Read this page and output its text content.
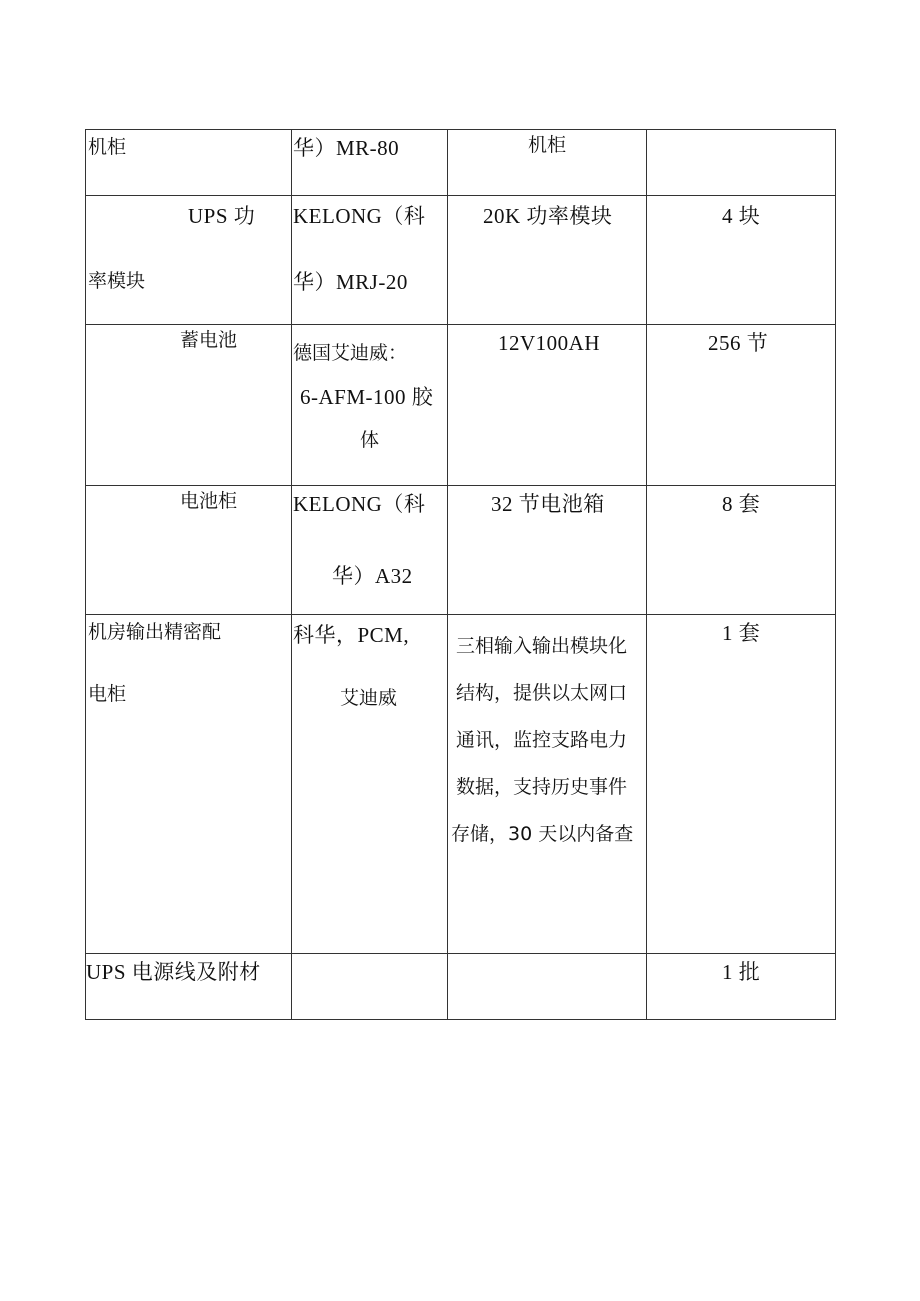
机柜	华）MR-80	机柜	

UPS 功
率模块	KELONG（科
华）MRJ-20	20K 功率模块	4 块

蓄电池	德国艾迪威：
6-AFM-100 胶
体	12V100AH	256 节

电池柜	KELONG（科
华）A32	32 节电池箱	8 套

机房输出精密配
电柜	科华，PCM,
艾迪威	三相输入输出模块化
结构，提供以太网口
通讯，监控支路电力
数据，支持历史事件
存储，30 天以内备查	1 套

UPS 电源线及附材			1 批
